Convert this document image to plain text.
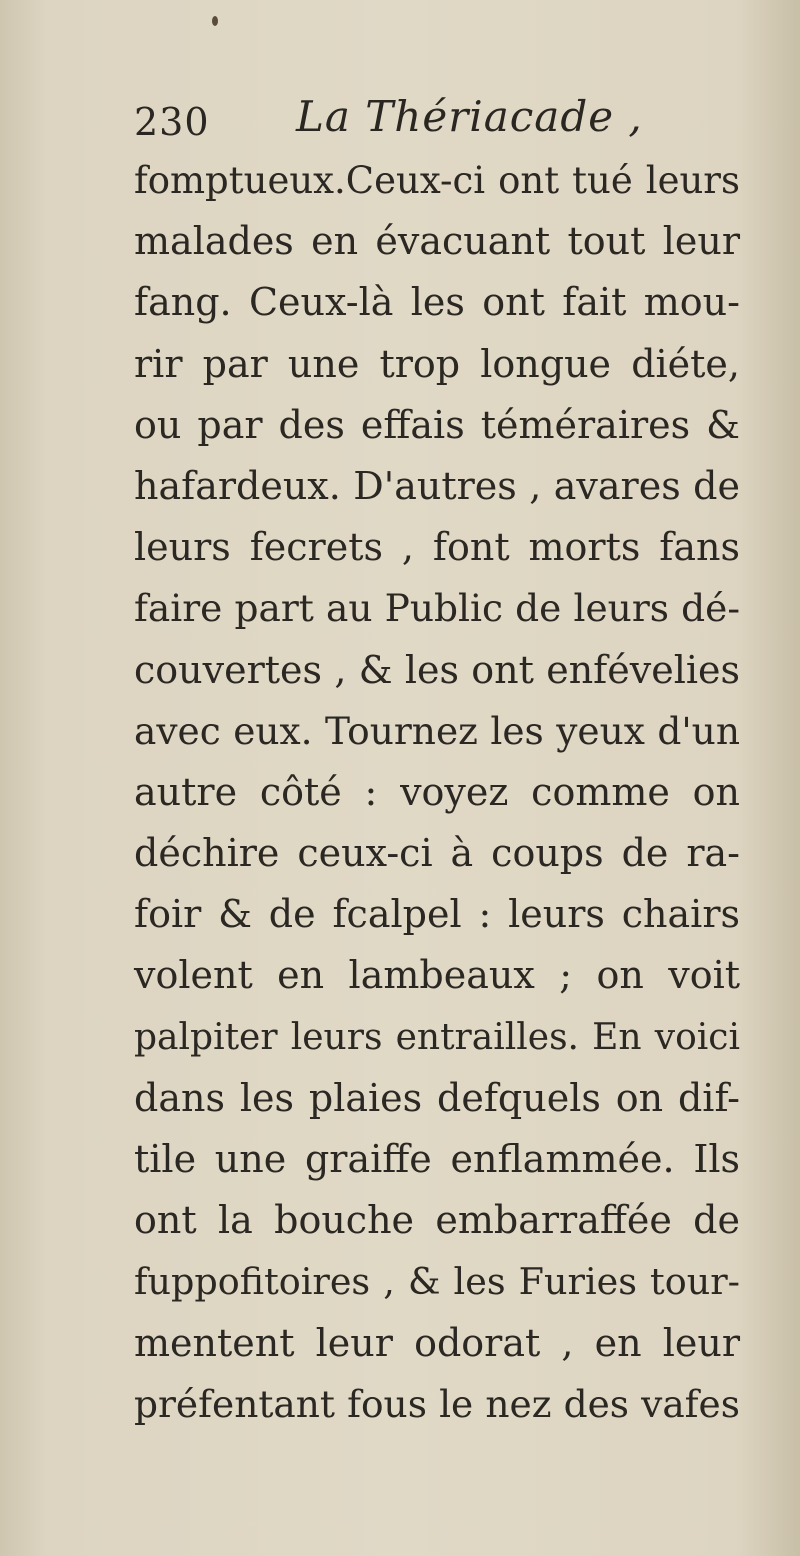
230 La Thériacade ,
fomptueux.Ceux-ci ont tué leurs
malades en évacuant tout leur
fang. Ceux-là les ont fait mou-
rir par une trop longue diéte,
ou par des effais téméraires &
hafardeux. D'autres , avares de
leurs fecrets , font morts fans
faire part au Public de leurs dé-
couvertes , & les ont enfévelies
avec eux. Tournez les yeux d'un
autre côté : voyez comme on
déchire ceux-ci à coups de ra-
foir & de fcalpel : leurs chairs
volent en lambeaux ; on voit
palpiter leurs entrailles. En voici
dans les plaies defquels on dif-
tile une graiffe enflammée. Ils
ont la bouche embarraffée de
fuppofitoires , & les Furies tour-
mentent leur odorat , en leur
préfentant fous le nez des vafes
